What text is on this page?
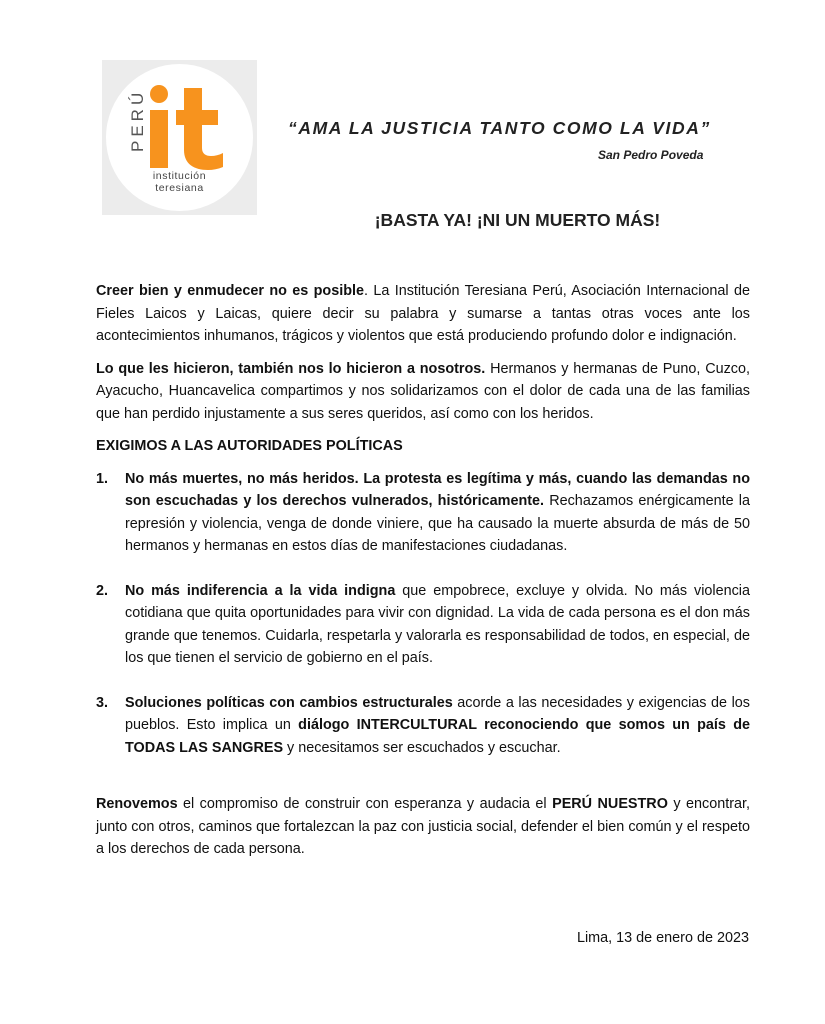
PERÚ
institución
teresiana
“AMA LA JUSTICIA TANTO COMO LA VIDA”
San Pedro Poveda
¡BASTA YA! ¡NI UN MUERTO MÁS!

Creer bien y enmudecer no es posible. La Institución Teresiana Perú, Asociación Internacional de Fieles Laicos y Laicas, quiere decir su palabra y sumarse a tantas otras voces ante los acontecimientos inhumanos, trágicos y violentos que está produciendo profundo dolor e indignación.

Lo que les hicieron, también nos lo hicieron a nosotros. Hermanos y hermanas de Puno, Cuzco, Ayacucho, Huancavelica compartimos y nos solidarizamos con el dolor de cada una de las familias que han perdido injustamente a sus seres queridos, así como con los heridos.

EXIGIMOS A LAS AUTORIDADES POLÍTICAS

1. No más muertes, no más heridos. La protesta es legítima y más, cuando las demandas no son escuchadas y los derechos vulnerados, históricamente. Rechazamos enérgicamente la represión y violencia, venga de donde viniere, que ha causado la muerte absurda de más de 50 hermanos y hermanas en estos días de manifestaciones ciudadanas.
2. No más indiferencia a la vida indigna que empobrece, excluye y olvida. No más violencia cotidiana que quita oportunidades para vivir con dignidad. La vida de cada persona es el don más grande que tenemos. Cuidarla, respetarla y valorarla es responsabilidad de todos, en especial, de los que tienen el servicio de gobierno en el país.
3. Soluciones políticas con cambios estructurales acorde a las necesidades y exigencias de los pueblos. Esto implica un diálogo INTERCULTURAL reconociendo que somos un país de TODAS LAS SANGRES y necesitamos ser escuchados y escuchar.

Renovemos el compromiso de construir con esperanza y audacia el PERÚ NUESTRO y encontrar, junto con otros, caminos que fortalezcan la paz con justicia social, defender el bien común y el respeto a los derechos de cada persona.

Lima, 13 de enero de 2023
